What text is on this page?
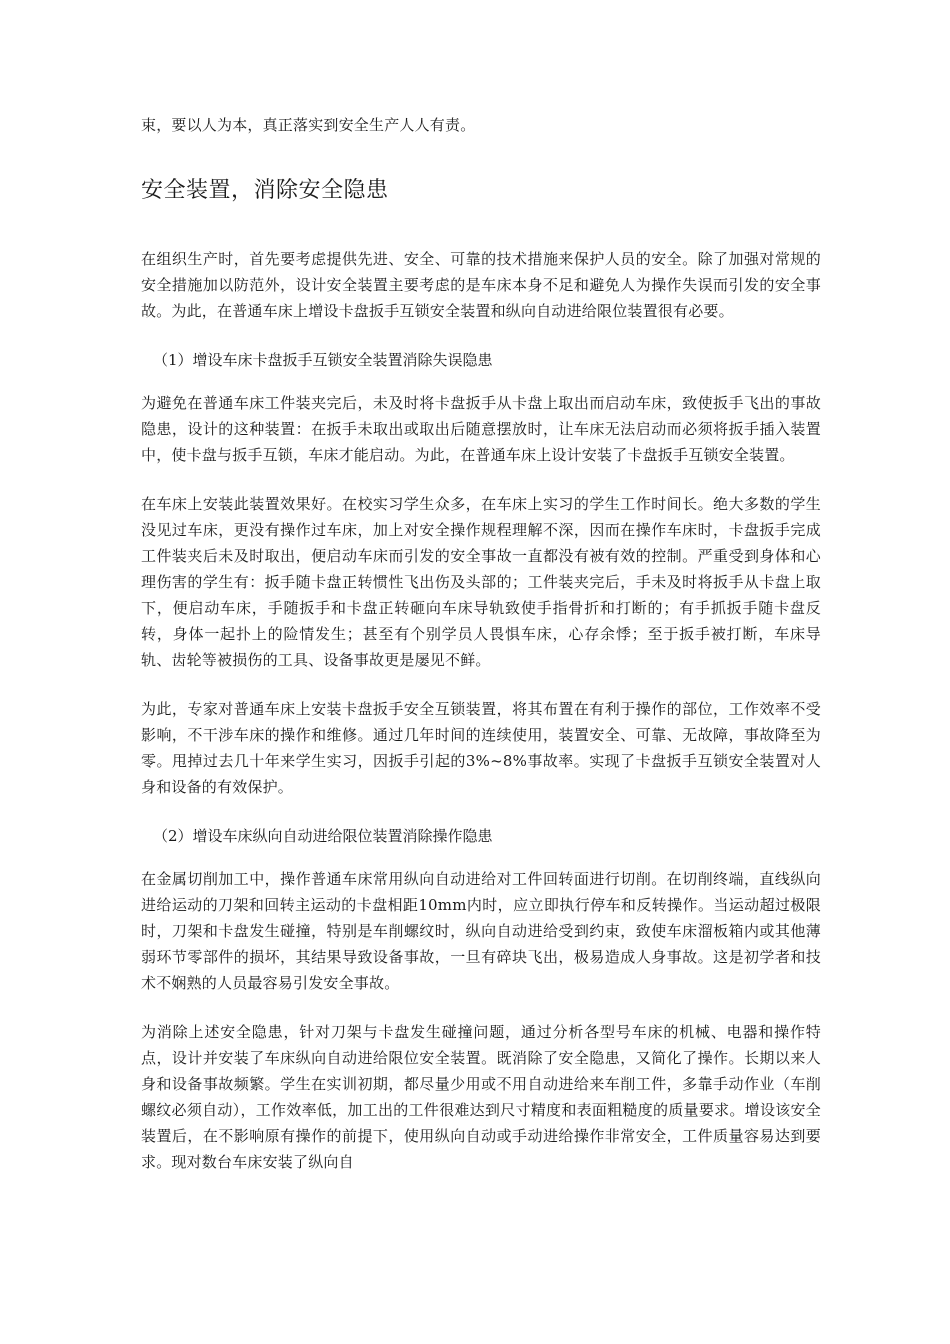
束，要以人为本，真正落实到安全生产人人有责。

安全装置，消除安全隐患

在组织生产时，首先要考虑提供先进、安全、可靠的技术措施来保护人员的安全。除了加强对常规的安全措施加以防范外，设计安全装置主要考虑的是车床本身不足和避免人为操作失误而引发的安全事故。为此，在普通车床上增设卡盘扳手互锁安全装置和纵向自动进给限位装置很有必要。

（1）增设车床卡盘扳手互锁安全装置消除失误隐患

为避免在普通车床工件装夹完后，未及时将卡盘扳手从卡盘上取出而启动车床，致使扳手飞出的事故隐患，设计的这种装置：在扳手未取出或取出后随意摆放时，让车床无法启动而必须将扳手插入装置中，使卡盘与扳手互锁，车床才能启动。为此，在普通车床上设计安装了卡盘扳手互锁安全装置。

在车床上安装此装置效果好。在校实习学生众多，在车床上实习的学生工作时间长。绝大多数的学生没见过车床，更没有操作过车床，加上对安全操作规程理解不深，因而在操作车床时，卡盘扳手完成工件装夹后未及时取出，便启动车床而引发的安全事故一直都没有被有效的控制。严重受到身体和心理伤害的学生有：扳手随卡盘正转惯性飞出伤及头部的；工件装夹完后，手未及时将扳手从卡盘上取下，便启动车床，手随扳手和卡盘正转砸向车床导轨致使手指骨折和打断的；有手抓扳手随卡盘反转，身体一起扑上的险情发生；甚至有个别学员人畏惧车床，心存余悸；至于扳手被打断，车床导轨、齿轮等被损伤的工具、设备事故更是屡见不鲜。

为此，专家对普通车床上安装卡盘扳手安全互锁装置，将其布置在有利于操作的部位，工作效率不受影响，不干涉车床的操作和维修。通过几年时间的连续使用，装置安全、可靠、无故障，事故降至为零。甩掉过去几十年来学生实习，因扳手引起的3%~8%事故率。实现了卡盘扳手互锁安全装置对人身和设备的有效保护。

（2）增设车床纵向自动进给限位装置消除操作隐患

在金属切削加工中，操作普通车床常用纵向自动进给对工件回转面进行切削。在切削终端，直线纵向进给运动的刀架和回转主运动的卡盘相距10mm内时，应立即执行停车和反转操作。当运动超过极限时，刀架和卡盘发生碰撞，特别是车削螺纹时，纵向自动进给受到约束，致使车床溜板箱内或其他薄弱环节零部件的损坏，其结果导致设备事故，一旦有碎块飞出，极易造成人身事故。这是初学者和技术不娴熟的人员最容易引发安全事故。

为消除上述安全隐患，针对刀架与卡盘发生碰撞问题，通过分析各型号车床的机械、电器和操作特点，设计并安装了车床纵向自动进给限位安全装置。既消除了安全隐患，又简化了操作。长期以来人身和设备事故频繁。学生在实训初期，都尽量少用或不用自动进给来车削工件，多靠手动作业（车削螺纹必须自动），工作效率低，加工出的工件很难达到尺寸精度和表面粗糙度的质量要求。增设该安全装置后，在不影响原有操作的前提下，使用纵向自动或手动进给操作非常安全，工件质量容易达到要求。现对数台车床安装了纵向自
